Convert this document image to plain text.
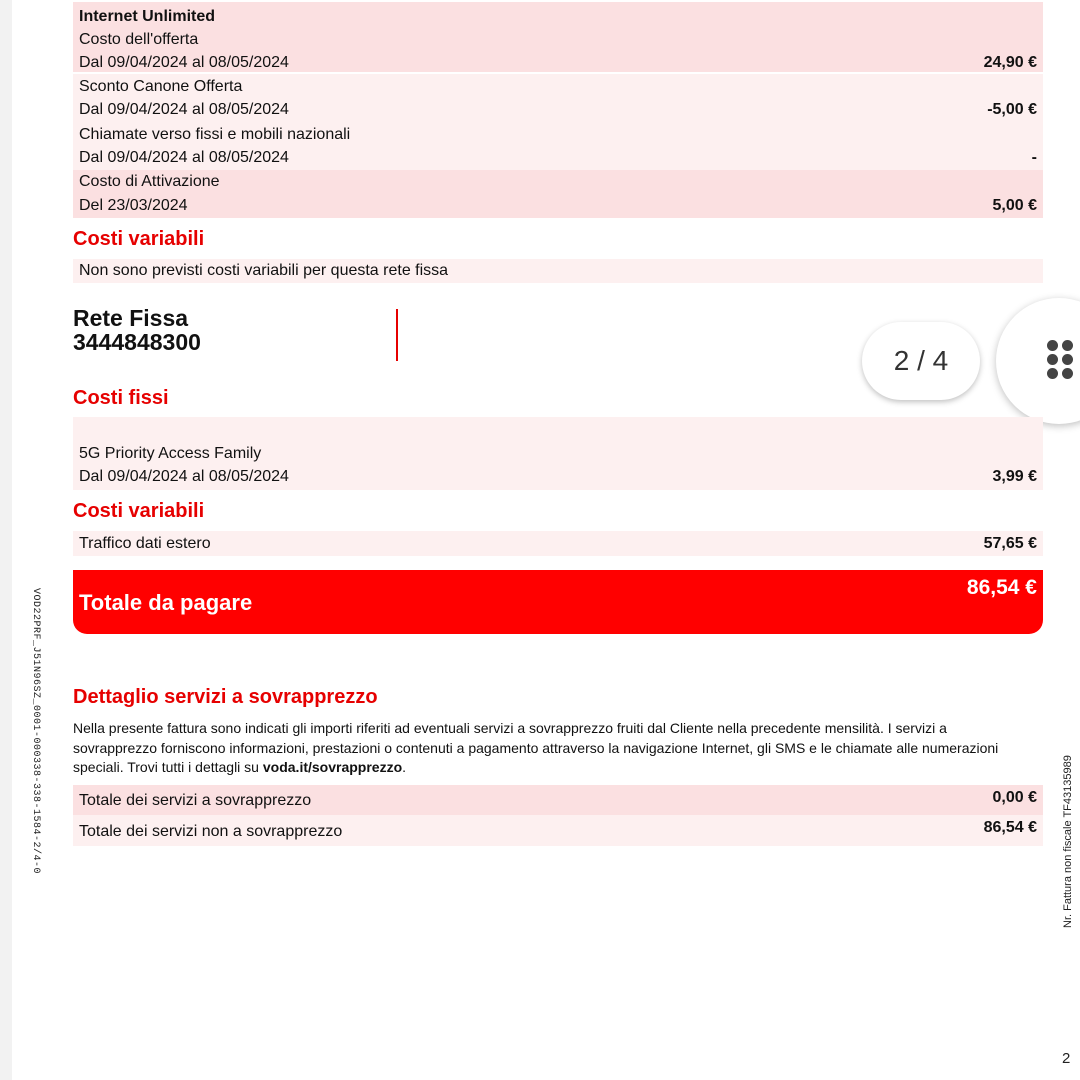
Internet Unlimited
Costo dell'offerta
Dal 09/04/2024 al 08/05/2024	24,90 €
Sconto Canone Offerta
Dal 09/04/2024 al 08/05/2024	-5,00 €
Chiamate verso fissi e mobili nazionali
Dal 09/04/2024 al 08/05/2024	-
Costo di Attivazione
Del 23/03/2024	5,00 €
Costi variabili
Non sono previsti costi variabili per questa rete fissa
Rete Fissa
3444848300
2 / 4
Costi fissi
5G Priority Access Family
Dal 09/04/2024 al 08/05/2024	3,99 €
Costi variabili
Traffico dati estero	57,65 €
Totale da pagare
86,54 €
Dettaglio servizi a sovrapprezzo
Nella presente fattura sono indicati gli importi riferiti ad eventuali servizi a sovrapprezzo fruiti dal Cliente nella precedente mensilità. I servizi a sovrapprezzo forniscono informazioni, prestazioni o contenuti a pagamento attraverso la navigazione Internet, gli SMS e le chiamate alle numerazioni speciali. Trovi tutti i dettagli su voda.it/sovrapprezzo.
Totale dei servizi a sovrapprezzo	0,00 €
Totale dei servizi non a sovrapprezzo	86,54 €
VOD22PRF_J51N96SZ_0001-000338-338-1584-2/4-0	Nr. Fattura non fiscale TF43135989
2
